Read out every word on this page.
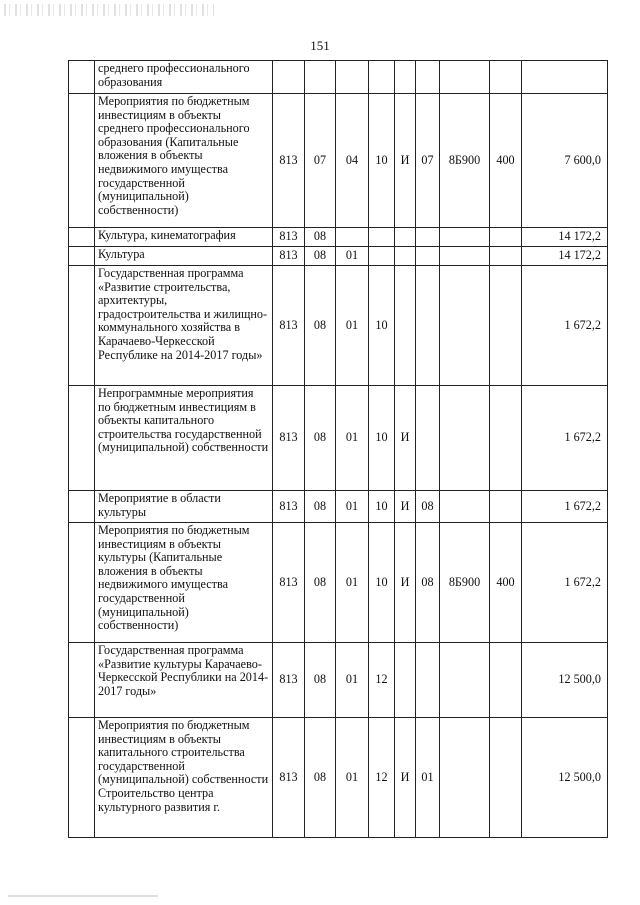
151
	среднего профессионального образования									
	Мероприятия по бюджетным инвестициям в объекты среднего профессионального образования (Капитальные вложения в объекты недвижимого имущества государственной (муниципальной) собственности)	813	07	04	10	И	07	8Б900	400	7 600,0
	Культура, кинематография	813	08							14 172,2
	Культура	813	08	01						14 172,2
	Государственная программа «Развитие строительства, архитектуры, градостроительства и жилищно-коммунального хозяйства в Карачаево-Черкесской Республике на 2014-2017 годы»	813	08	01	10					1 672,2
	Непрограммные мероприятия по бюджетным инвестициям в объекты капитального строительства государственной (муниципальной) собственности	813	08	01	10	И				1 672,2
	Мероприятие в области культуры	813	08	01	10	И	08			1 672,2
	Мероприятия по бюджетным инвестициям в объекты культуры (Капитальные вложения в объекты недвижимого имущества государственной (муниципальной) собственности)	813	08	01	10	И	08	8Б900	400	1 672,2
	Государственная программа «Развитие культуры Карачаево-Черкесской Республики на 2014-2017 годы»	813	08	01	12					12 500,0
	Мероприятия по бюджетным инвестициям в объекты капитального строительства государственной (муниципальной) собственности Строительство центра культурного развития г.	813	08	01	12	И	01			12 500,0
